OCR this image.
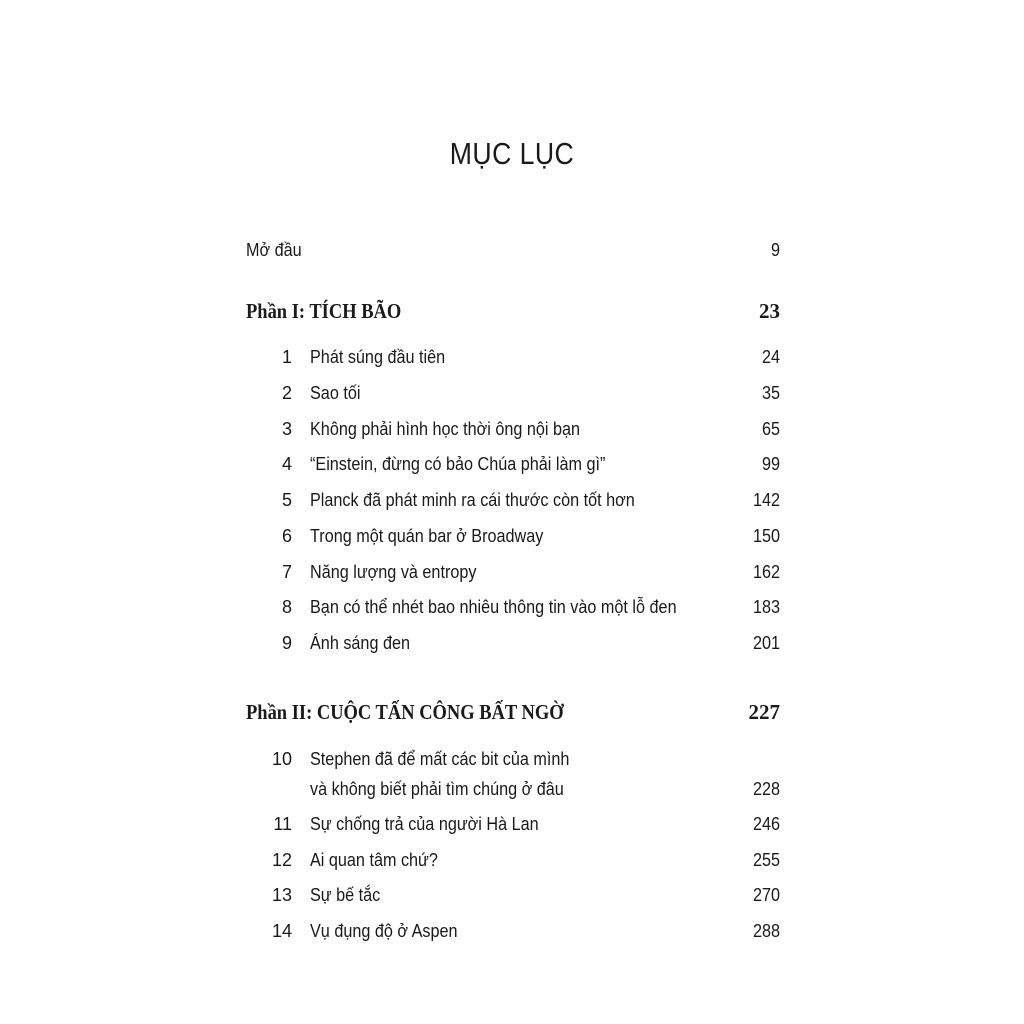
MỤC LỤC
Mở đầu	9
Phần I: TÍCH BÃO	23
1 Phát súng đầu tiên	24
2 Sao tối	35
3 Không phải hình học thời ông nội bạn	65
4 “Einstein, đừng có bảo Chúa phải làm gì”	99
5 Planck đã phát minh ra cái thước còn tốt hơn	142
6 Trong một quán bar ở Broadway	150
7 Năng lượng và entropy	162
8 Bạn có thể nhét bao nhiêu thông tin vào một lỗ đen	183
9 Ánh sáng đen	201
Phần II: CUỘC TẤN CÔNG BẤT NGỜ	227
10 Stephen đã để mất các bit của mình
và không biết phải tìm chúng ở đâu	228
11 Sự chống trả của người Hà Lan	246
12 Ai quan tâm chứ?	255
13 Sự bế tắc	270
14 Vụ đụng độ ở Aspen	288
